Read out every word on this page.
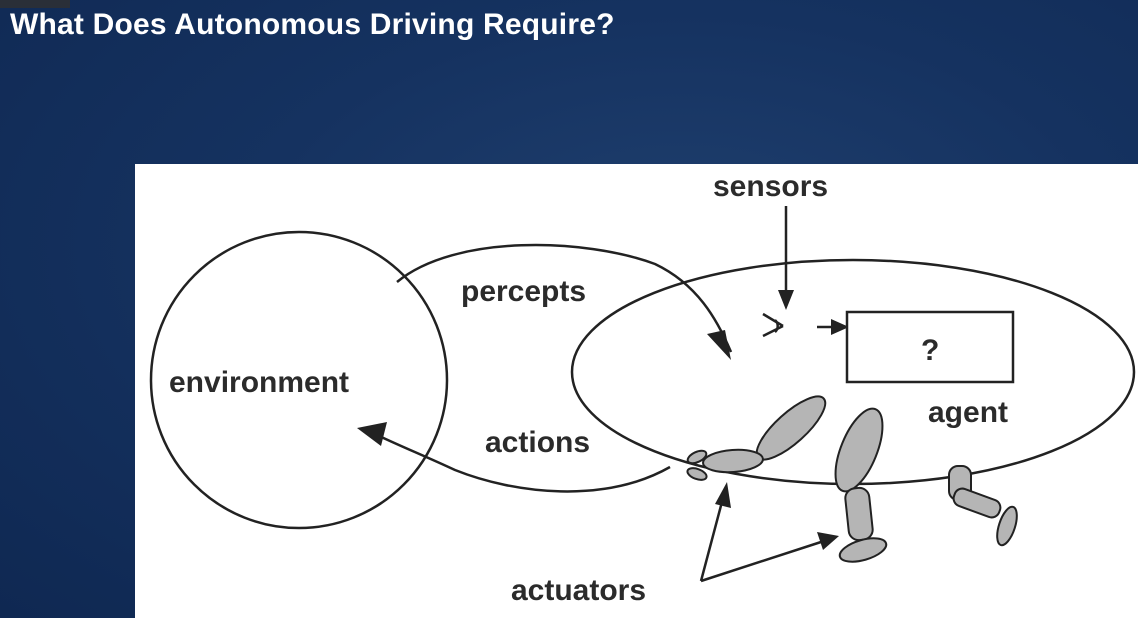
What Does Autonomous Driving Require?
sensors
percepts
environment
actions
agent
actuators
?
